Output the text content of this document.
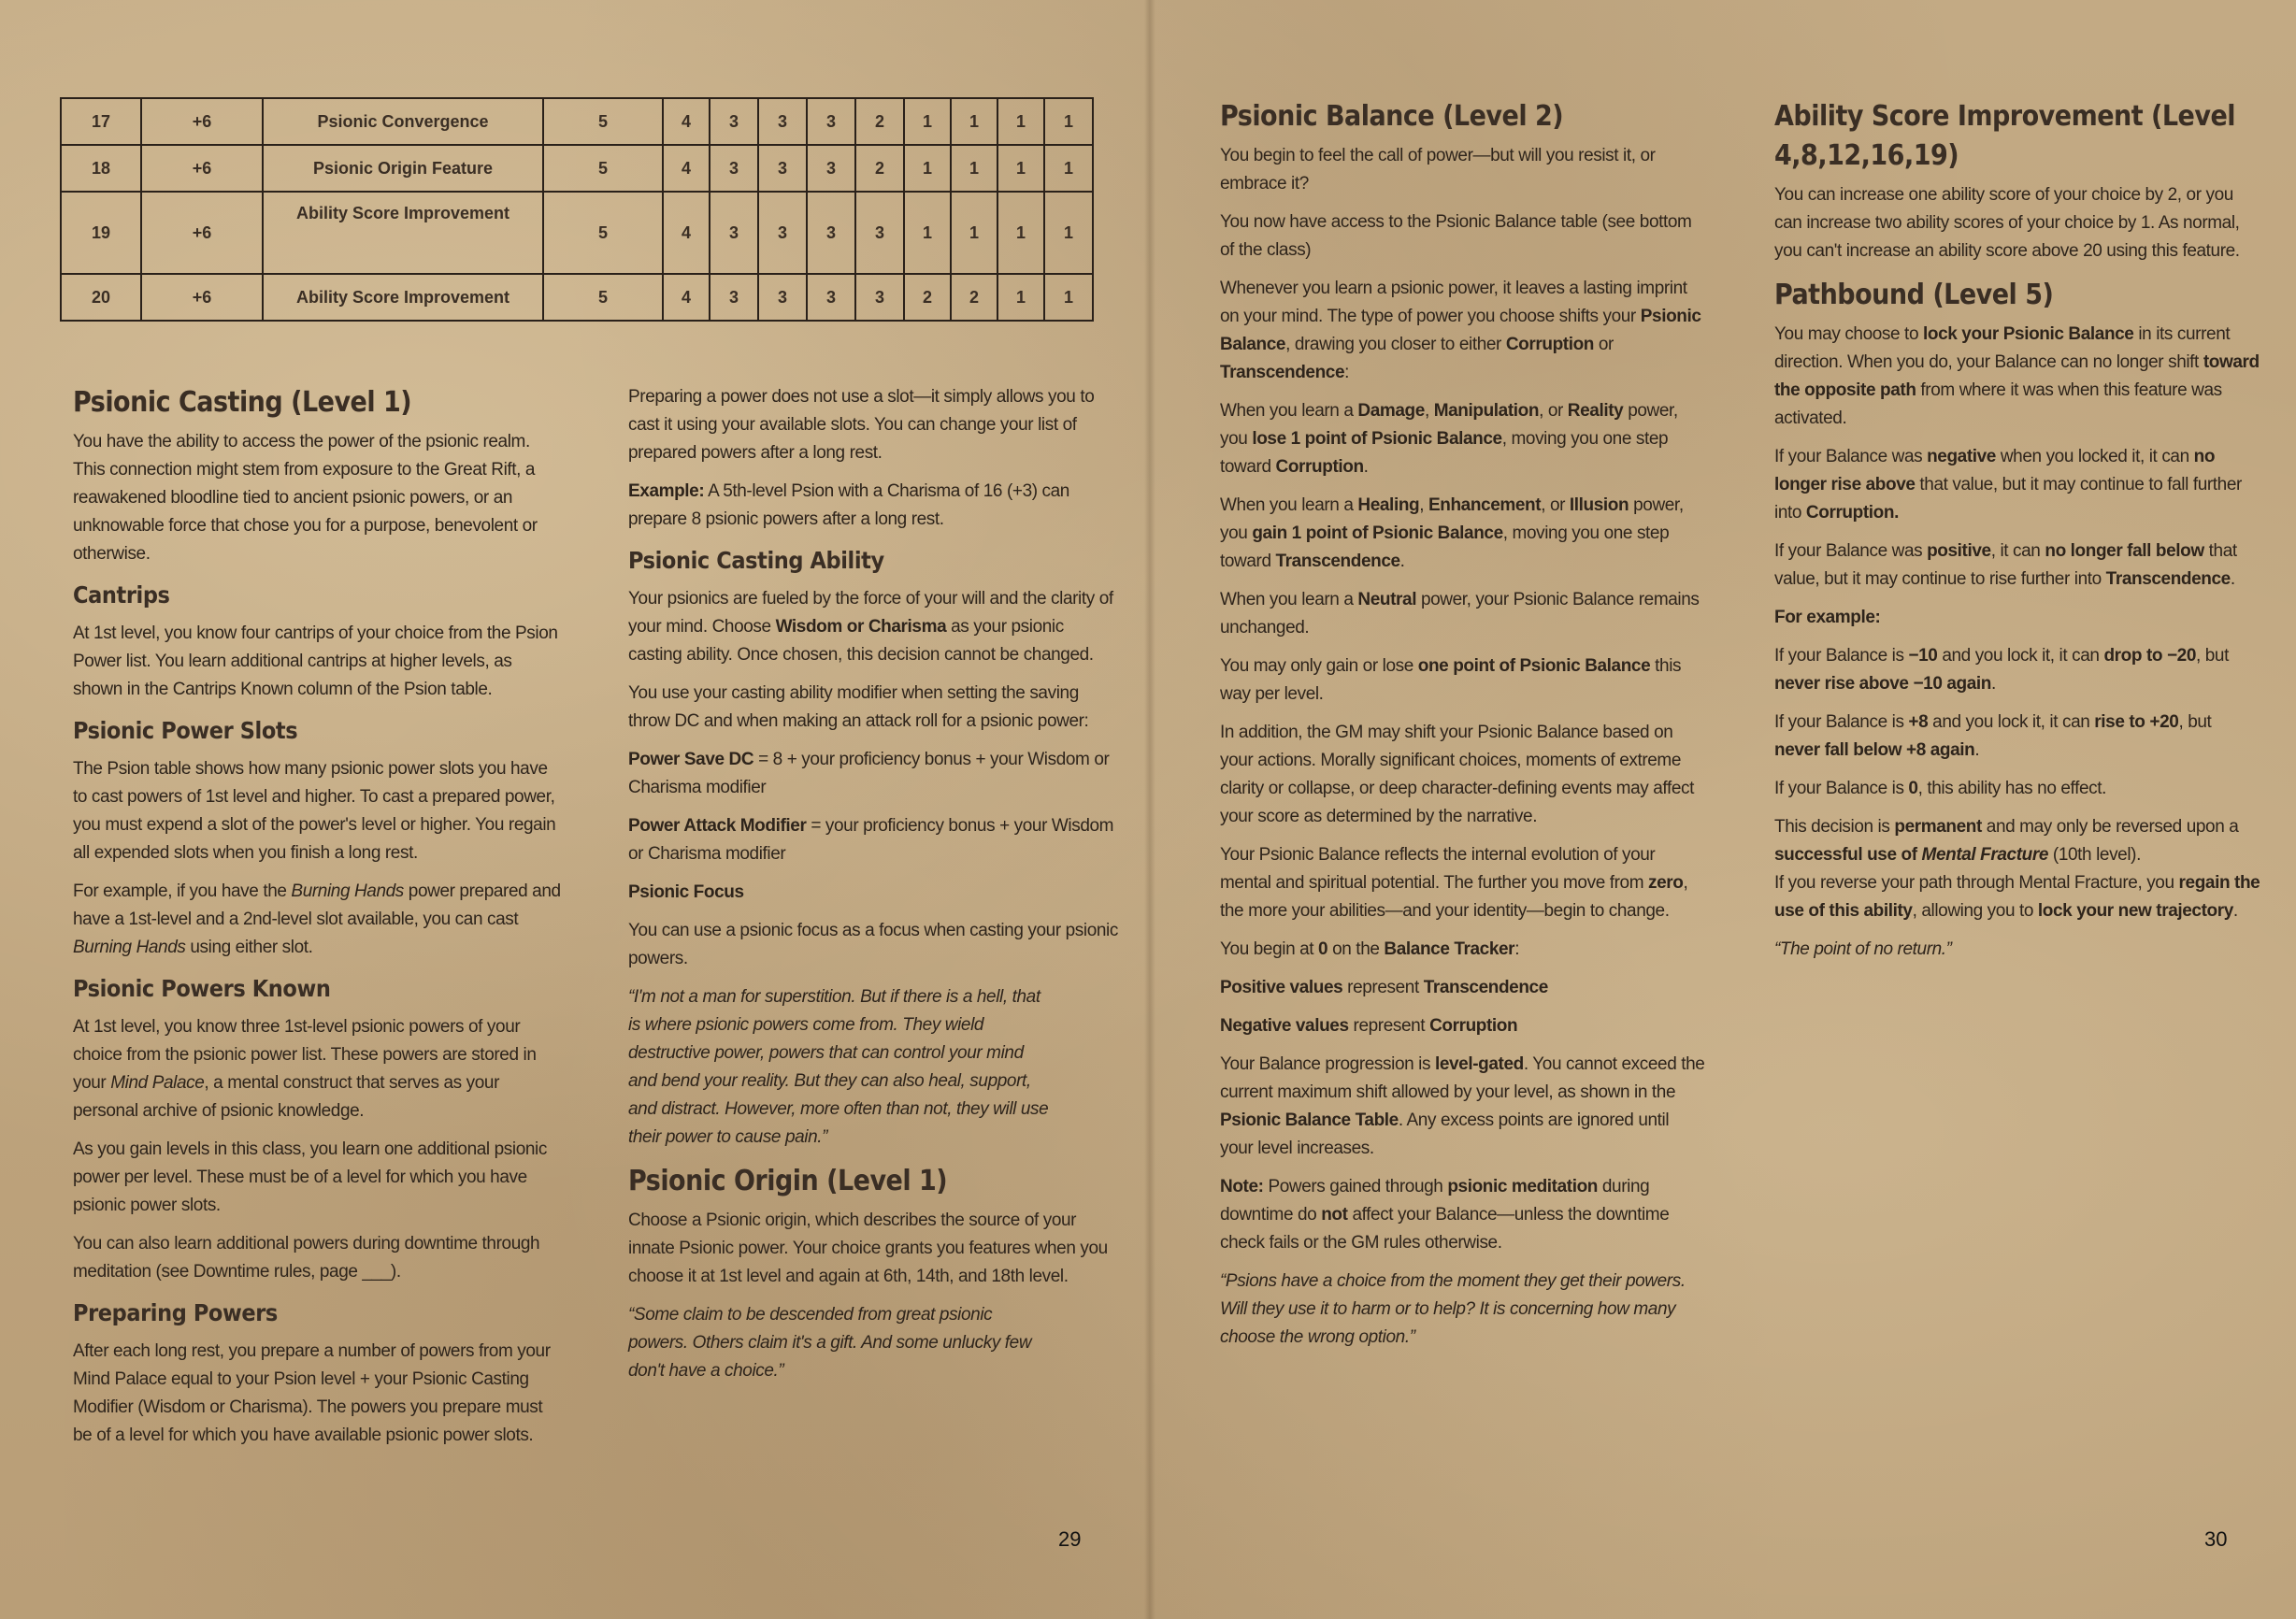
17	+6	Psionic Convergence	5	4	3	3	3	2	1	1	1	1
18	+6	Psionic Origin Feature	5	4	3	3	3	2	1	1	1	1
19	+6	Ability Score Improvement	5	4	3	3	3	3	1	1	1	1
20	+6	Ability Score Improvement	5	4	3	3	3	3	2	2	1	1
Psionic Casting (Level 1)

You have the ability to access the power of the psionic realm. This connection might stem from exposure to the Great Rift, a reawakened bloodline tied to ancient psionic powers, or an unknowable force that chose you for a purpose, benevolent or otherwise.

Cantrips

At 1st level, you know four cantrips of your choice from the Psion Power list. You learn additional cantrips at higher levels, as shown in the Cantrips Known column of the Psion table.

Psionic Power Slots

The Psion table shows how many psionic power slots you have to cast powers of 1st level and higher. To cast a prepared power, you must expend a slot of the power's level or higher. You regain all expended slots when you finish a long rest.

For example, if you have the Burning Hands power prepared and have a 1st-level and a 2nd-level slot available, you can cast Burning Hands using either slot.

Psionic Powers Known

At 1st level, you know three 1st-level psionic powers of your choice from the psionic power list. These powers are stored in your Mind Palace, a mental construct that serves as your personal archive of psionic knowledge.

As you gain levels in this class, you learn one additional psionic power per level. These must be of a level for which you have psionic power slots.

You can also learn additional powers during downtime through meditation (see Downtime rules, page ___).

Preparing Powers

After each long rest, you prepare a number of powers from your Mind Palace equal to your Psion level + your Psionic Casting Modifier (Wisdom or Charisma). The powers you prepare must be of a level for which you have available psionic power slots.

Preparing a power does not use a slot—it simply allows you to cast it using your available slots. You can change your list of prepared powers after a long rest.

Example: A 5th-level Psion with a Charisma of 16 (+3) can prepare 8 psionic powers after a long rest.

Psionic Casting Ability

Your psionics are fueled by the force of your will and the clarity of your mind. Choose Wisdom or Charisma as your psionic casting ability. Once chosen, this decision cannot be changed.

You use your casting ability modifier when setting the saving throw DC and when making an attack roll for a psionic power:

Power Save DC = 8 + your proficiency bonus + your Wisdom or Charisma modifier

Power Attack Modifier = your proficiency bonus + your Wisdom or Charisma modifier

Psionic Focus

You can use a psionic focus as a focus when casting your psionic powers.

“I'm not a man for superstition. But if there is a hell, that is where psionic powers come from. They wield destructive power, powers that can control your mind and bend your reality. But they can also heal, support, and distract. However, more often than not, they will use their power to cause pain.”

Psionic Origin (Level 1)

Choose a Psionic origin, which describes the source of your innate Psionic power. Your choice grants you features when you choose it at 1st level and again at 6th, 14th, and 18th level.

“Some claim to be descended from great psionic powers. Others claim it's a gift. And some unlucky few don't have a choice.”

Psionic Balance (Level 2)

You begin to feel the call of power—but will you resist it, or embrace it?

You now have access to the Psionic Balance table (see bottom of the class)

Whenever you learn a psionic power, it leaves a lasting imprint on your mind. The type of power you choose shifts your Psionic Balance, drawing you closer to either Corruption or Transcendence:

When you learn a Damage, Manipulation, or Reality power, you lose 1 point of Psionic Balance, moving you one step toward Corruption.

When you learn a Healing, Enhancement, or Illusion power, you gain 1 point of Psionic Balance, moving you one step toward Transcendence.

When you learn a Neutral power, your Psionic Balance remains unchanged.

You may only gain or lose one point of Psionic Balance this way per level.

In addition, the GM may shift your Psionic Balance based on your actions. Morally significant choices, moments of extreme clarity or collapse, or deep character-defining events may affect your score as determined by the narrative.

Your Psionic Balance reflects the internal evolution of your mental and spiritual potential. The further you move from zero, the more your abilities—and your identity—begin to change.

You begin at 0 on the Balance Tracker:

Positive values represent Transcendence

Negative values represent Corruption

Your Balance progression is level-gated. You cannot exceed the current maximum shift allowed by your level, as shown in the Psionic Balance Table. Any excess points are ignored until your level increases.

Note: Powers gained through psionic meditation during downtime do not affect your Balance—unless the downtime check fails or the GM rules otherwise.

“Psions have a choice from the moment they get their powers. Will they use it to harm or to help? It is concerning how many choose the wrong option.”

Ability Score Improvement (Level 4,8,12,16,19)

You can increase one ability score of your choice by 2, or you can increase two ability scores of your choice by 1. As normal, you can't increase an ability score above 20 using this feature.

Pathbound (Level 5)

You may choose to lock your Psionic Balance in its current direction. When you do, your Balance can no longer shift toward the opposite path from where it was when this feature was activated.

If your Balance was negative when you locked it, it can no longer rise above that value, but it may continue to fall further into Corruption.

If your Balance was positive, it can no longer fall below that value, but it may continue to rise further into Transcendence.

For example:

If your Balance is −10 and you lock it, it can drop to −20, but never rise above −10 again.

If your Balance is +8 and you lock it, it can rise to +20, but never fall below +8 again.

If your Balance is 0, this ability has no effect.

This decision is permanent and may only be reversed upon a successful use of Mental Fracture (10th level).

If you reverse your path through Mental Fracture, you regain the use of this ability, allowing you to lock your new trajectory.

“The point of no return.”

29	30
